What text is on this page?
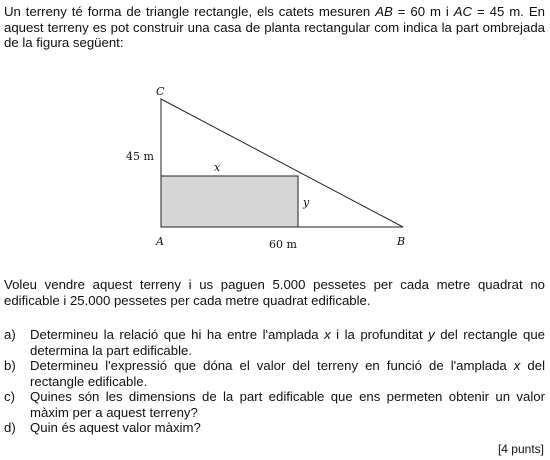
Un terreny té forma de triangle rectangle, els catets mesuren AB = 60 m i AC = 45 m. En aquest terreny es pot construir una casa de planta rectangular com indica la part ombrejada de la figura següent:

C
A	B
45 m
60 m
x
y

Voleu vendre aquest terreny i us paguen 5.000 pessetes per cada metre quadrat no edificable i 25.000 pessetes per cada metre quadrat edificable.

a)	Determineu la relació que hi ha entre l'amplada x i la profunditat y del rectangle que determina la part edificable.
b)	Determineu l'expressió que dóna el valor del terreny en funció de l'amplada x del rectangle edificable.
c)	Quines són les dimensions de la part edificable que ens permeten obtenir un valor màxim per a aquest terreny?
d)	Quin és aquest valor màxim?
[4 punts]
